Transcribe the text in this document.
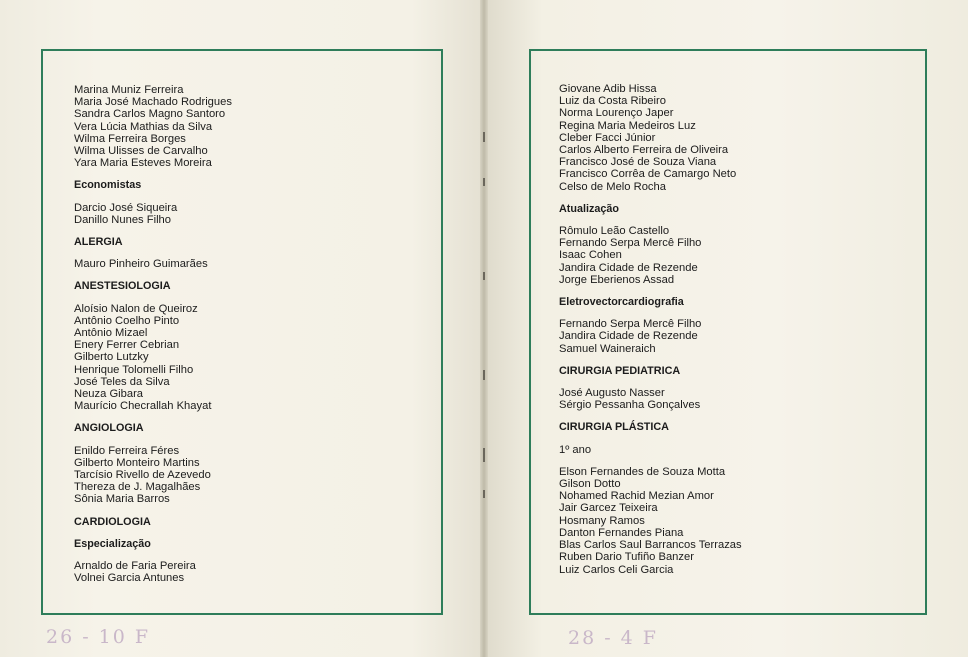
Marina Muniz Ferreira
Maria José Machado Rodrigues
Sandra Carlos Magno Santoro
Vera Lúcia Mathias da Silva
Wilma Ferreira Borges
Wilma Ulisses de Carvalho
Yara Maria Esteves Moreira
Economistas
Darcio José Siqueira
Danillo Nunes Filho
ALERGIA
Mauro Pinheiro Guimarães
ANESTESIOLOGIA
Aloísio Nalon de Queiroz
Antônio Coelho Pinto
Antônio Mizael
Enery Ferrer Cebrian
Gilberto Lutzky
Henrique Tolomelli Filho
José Teles da Silva
Neuza Gibara
Maurício Checrallah Khayat
ANGIOLOGIA
Enildo Ferreira Féres
Gilberto Monteiro Martins
Tarcísio Rivello de Azevedo
Thereza de J. Magalhães
Sônia Maria Barros
CARDIOLOGIA
Especialização
Arnaldo de Faria Pereira
Volnei Garcia Antunes
Giovane Adib Hissa
Luiz da Costa Ribeiro
Norma Lourenço Japer
Regina Maria Medeiros Luz
Cleber Facci Júnior
Carlos Alberto Ferreira de Oliveira
Francisco José de Souza Viana
Francisco Corrêa de Camargo Neto
Celso de Melo Rocha
Atualização
Rômulo Leão Castello
Fernando Serpa Mercê Filho
Isaac Cohen
Jandira Cidade de Rezende
Jorge Eberienos Assad
Eletrovectorcardiografia
Fernando Serpa Mercê Filho
Jandira Cidade de Rezende
Samuel Waineraich
CIRURGIA PEDIATRICA
José Augusto Nasser
Sérgio Pessanha Gonçalves
CIRURGIA PLÁSTICA
1º ano
Elson Fernandes de Souza Motta
Gilson Dotto
Nohamed Rachid Mezian Amor
Jair Garcez Teixeira
Hosmany Ramos
Danton Fernandes Piana
Blas Carlos Saul Barrancos Terrazas
Ruben Dario Tufiño Banzer
Luiz Carlos Celi Garcia
26 - 10 F	28 - 4 F
